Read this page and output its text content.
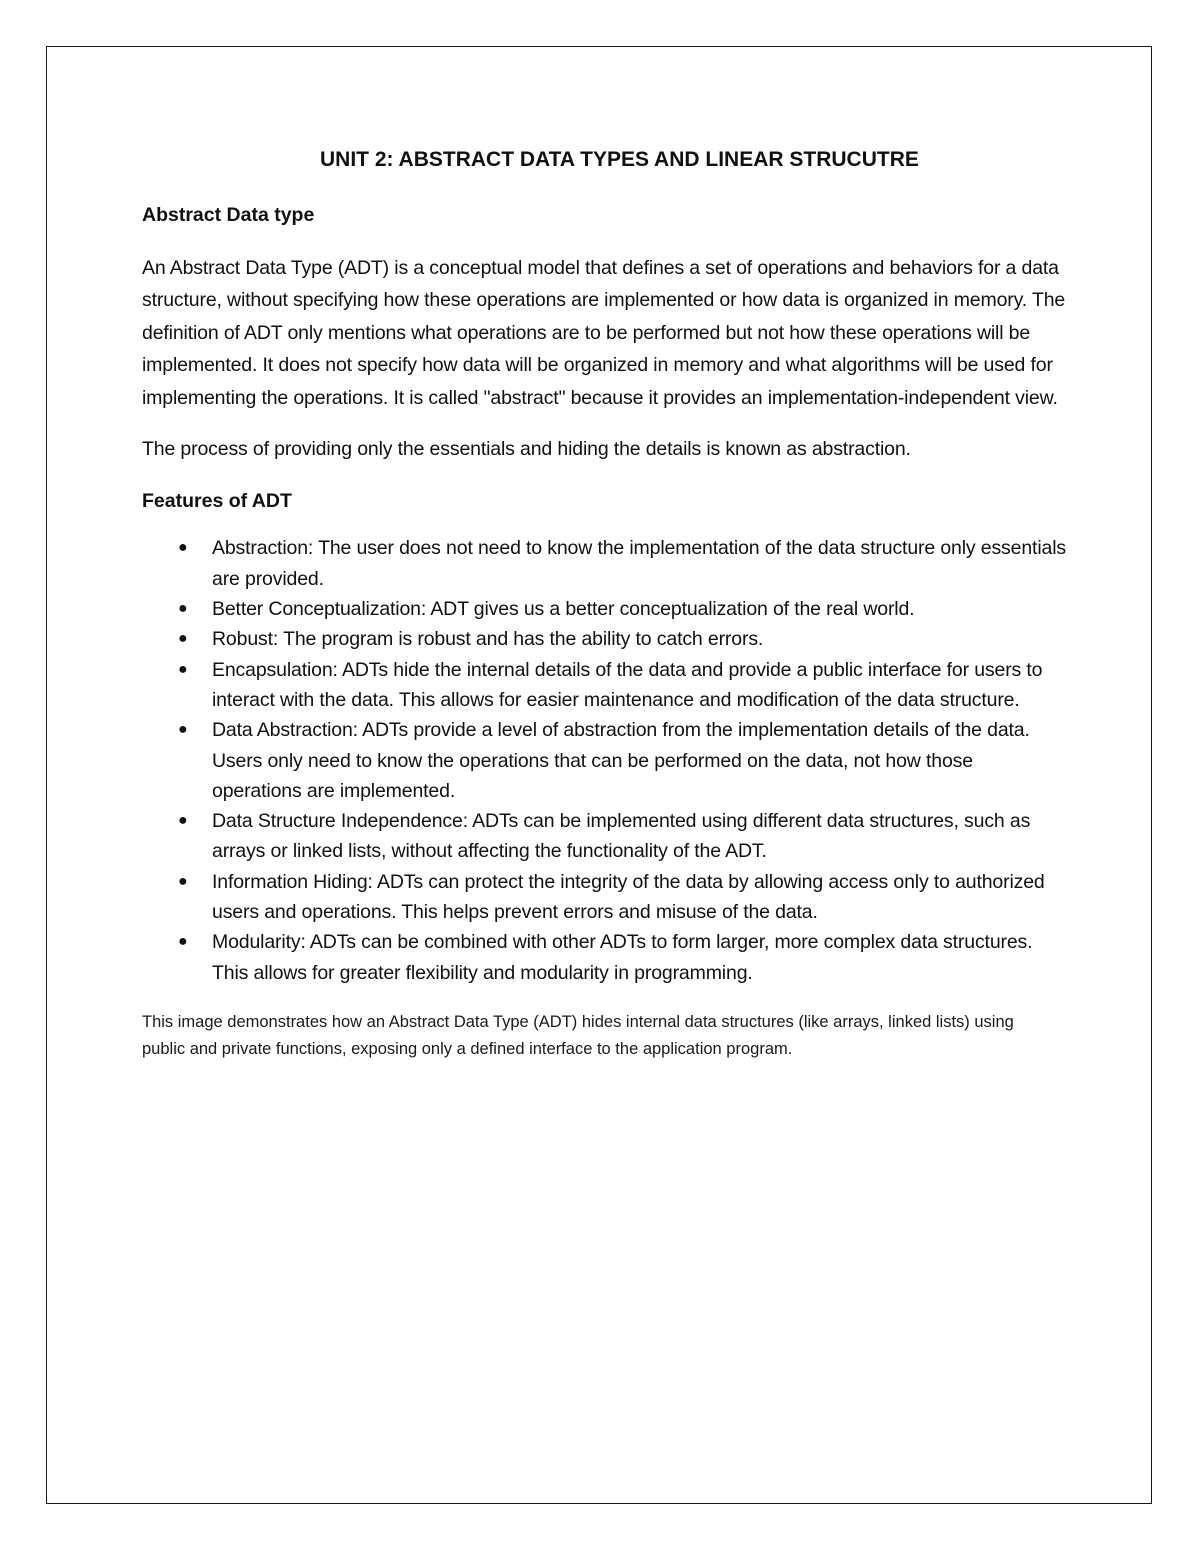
UNIT 2: ABSTRACT DATA TYPES AND LINEAR STRUCUTRE
Abstract Data type

An Abstract Data Type (ADT) is a conceptual model that defines a set of operations and behaviors for a data structure, without specifying how these operations are implemented or how data is organized in memory. The definition of ADT only mentions what operations are to be performed but not how these operations will be implemented. It does not specify how data will be organized in memory and what algorithms will be used for implementing the operations. It is called "abstract" because it provides an implementation-independent view.

The process of providing only the essentials and hiding the details is known as abstraction.

Features of ADT
● Abstraction: The user does not need to know the implementation of the data structure only essentials are provided.
● Better Conceptualization: ADT gives us a better conceptualization of the real world.
● Robust: The program is robust and has the ability to catch errors.
● Encapsulation: ADTs hide the internal details of the data and provide a public interface for users to interact with the data. This allows for easier maintenance and modification of the data structure.
● Data Abstraction: ADTs provide a level of abstraction from the implementation details of the data. Users only need to know the operations that can be performed on the data, not how those operations are implemented.
● Data Structure Independence: ADTs can be implemented using different data structures, such as arrays or linked lists, without affecting the functionality of the ADT.
● Information Hiding: ADTs can protect the integrity of the data by allowing access only to authorized users and operations. This helps prevent errors and misuse of the data.
● Modularity: ADTs can be combined with other ADTs to form larger, more complex data structures. This allows for greater flexibility and modularity in programming.

This image demonstrates how an Abstract Data Type (ADT) hides internal data structures (like arrays, linked lists) using public and private functions, exposing only a defined interface to the application program.
